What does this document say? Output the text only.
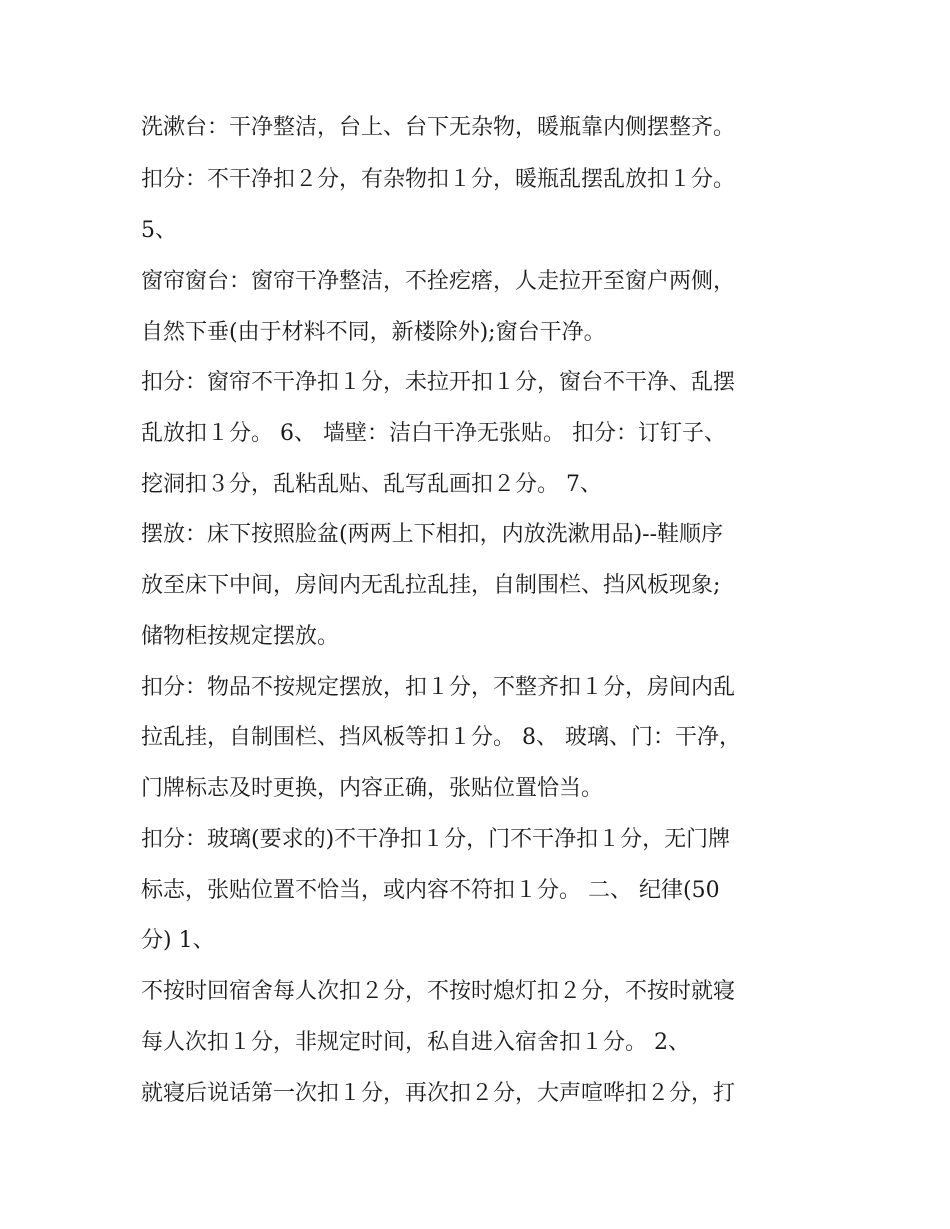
洗漱台：干净整洁，台上、台下无杂物，暖瓶靠内侧摆整齐。
扣分：不干净扣２分，有杂物扣１分，暖瓶乱摆乱放扣１分。
5、
窗帘窗台：窗帘干净整洁，不拴疙瘩，人走拉开至窗户两侧，
自然下垂(由于材料不同，新楼除外);窗台干净。
扣分：窗帘不干净扣１分，未拉开扣１分，窗台不干净、乱摆
乱放扣１分。 6、 墙壁：洁白干净无张贴。 扣分：订钉子、
挖洞扣３分，乱粘乱贴、乱写乱画扣２分。 7、
摆放：床下按照脸盆(两两上下相扣，内放洗漱用品)--鞋顺序
放至床下中间，房间内无乱拉乱挂，自制围栏、挡风板现象;
储物柜按规定摆放。
扣分：物品不按规定摆放，扣１分，不整齐扣１分，房间内乱
拉乱挂，自制围栏、挡风板等扣１分。 8、 玻璃、门：干净，
门牌标志及时更换，内容正确，张贴位置恰当。
扣分：玻璃(要求的)不干净扣１分，门不干净扣１分，无门牌
标志，张贴位置不恰当，或内容不符扣１分。 二、 纪律(50
分) 1、
不按时回宿舍每人次扣２分，不按时熄灯扣２分，不按时就寝
每人次扣１分，非规定时间，私自进入宿舍扣１分。 2、
就寝后说话第一次扣１分，再次扣２分，大声喧哗扣２分，打
